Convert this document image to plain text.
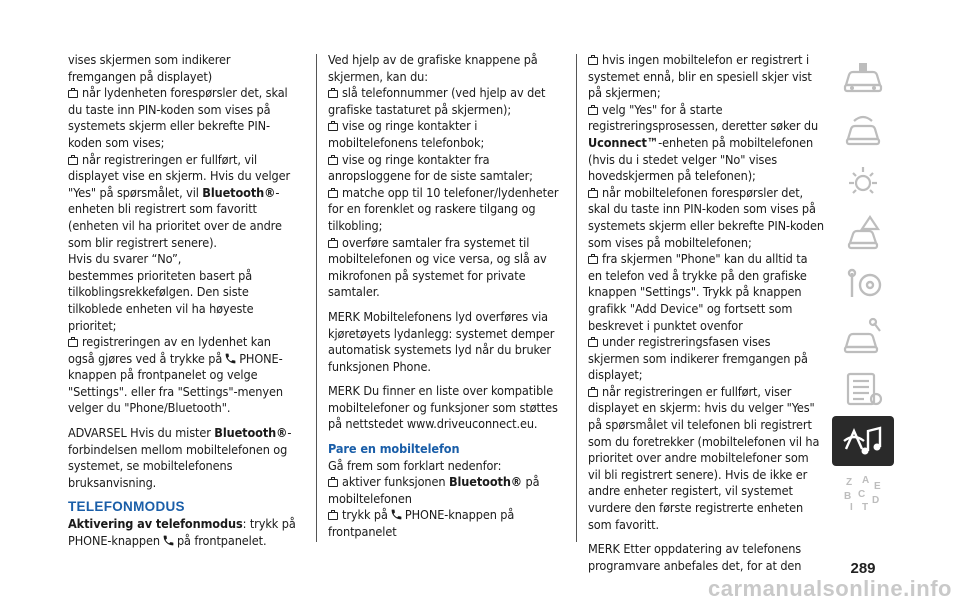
vises skjermen som indikerer fremgangen på displayet)

når lydenheten forespørsler det, skal du taste inn PIN-koden som vises på systemets skjerm eller bekrefte PIN-koden som vises;

når registreringen er fullført, vil displayet vise en skjerm. Hvis du velger "Yes" på spørsmålet, vil Bluetooth®-enheten bli registrert som favoritt (enheten vil ha prioritet over de andre som blir registrert senere).

Hvis du svarer “No”,

bestemmes prioriteten basert på tilkoblingsrekkefølgen. Den siste tilkoblede enheten vil ha høyeste prioritet;

registreringen av en lydenhet kan også gjøres ved å trykke på PHONE-knappen på frontpanelet og velge "Settings". eller fra "Settings"-menyen velger du "Phone/Bluetooth".

ADVARSEL Hvis du mister Bluetooth®-forbindelsen mellom mobiltelefonen og systemet, se mobiltelefonens bruksanvisning.

TELEFONMODUS

Aktivering av telefonmodus: trykk på

PHONE-knappen på frontpanelet.

Ved hjelp av de grafiske knappene på skjermen, kan du:

slå telefonnummer (ved hjelp av det grafiske tastaturet på skjermen);

vise og ringe kontakter i mobiltelefonens telefonbok;

vise og ringe kontakter fra anropsloggene for de siste samtaler;

matche opp til 10 telefoner/lydenheter for en forenklet og raskere tilgang og tilkobling;

overføre samtaler fra systemet til mobiltelefonen og vice versa, og slå av mikrofonen på systemet for private samtaler.

MERK Mobiltelefonens lyd overføres via kjøretøyets lydanlegg: systemet demper automatisk systemets lyd når du bruker funksjonen Phone.

MERK Du finner en liste over kompatible mobiltelefoner og funksjoner som støttes på nettstedet www.driveuconnect.eu.

Pare en mobiltelefon

Gå frem som forklart nedenfor:

aktiver funksjonen Bluetooth® på mobiltelefonen

trykk på PHONE-knappen på frontpanelet

hvis ingen mobiltelefon er registrert i systemet ennå, blir en spesiell skjer vist på skjermen;

velg "Yes" for å starte registreringsprosessen, deretter søker du Uconnect™-enheten på mobiltelefonen (hvis du i stedet velger "No" vises hovedskjermen på telefonen);

når mobiltelefonen forespørsler det, skal du taste inn PIN-koden som vises på systemets skjerm eller bekrefte PIN-koden som vises på mobiltelefonen;

fra skjermen "Phone" kan du alltid ta en telefon ved å trykke på den grafiske knappen "Settings". Trykk på knappen grafikk "Add Device" og fortsett som beskrevet i punktet ovenfor

under registreringsfasen vises skjermen som indikerer fremgangen på displayet;

når registreringen er fullført, viser displayet en skjerm: hvis du velger "Yes" på spørsmålet vil telefonen bli registrert som du foretrekker (mobiltelefonen vil ha prioritet over andre mobiltelefoner som vil bli registrert senere). Hvis de ikke er andre enheter registert, vil systemet vurdere den første registrerte enheten som favoritt.

MERK Etter oppdatering av telefonens programvare anbefales det, for at den

Z A
E
B C
D
I T
289
carmanualsonline.info
